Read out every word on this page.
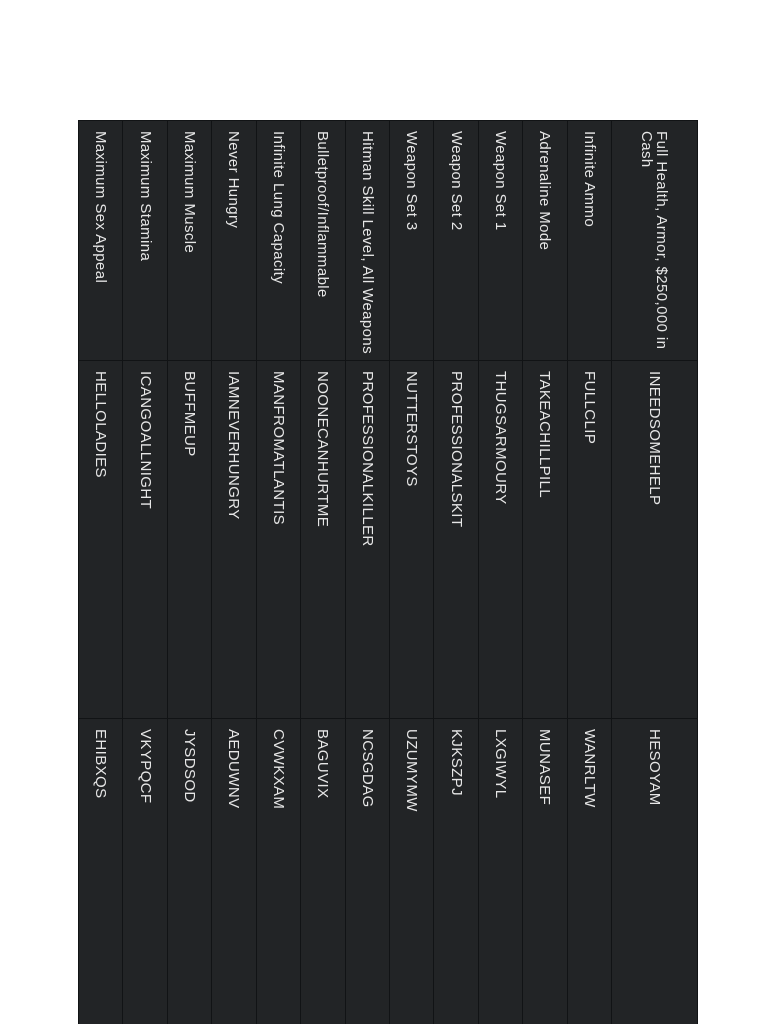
Full Health, Armor, $250,000 in Cash	INEEDSOMEHELP	HESOYAM
Infinite Ammo	FULLCLIP	WANRLTW
Adrenaline Mode	TAKEACHILLPILL	MUNASEF
Weapon Set 1	THUGSARMOURY	LXGIWYL
Weapon Set 2	PROFESSIONALSKIT	KJKSZPJ
Weapon Set 3	NUTTERSTOYS	UZUMYMW
Hitman Skill Level, All Weapons	PROFESSIONALKILLER	NCSGDAG
Bulletproof/Inflammable	NOONECANHURTME	BAGUVIX
Infinite Lung Capacity	MANFROMATLANTIS	CVWKXAM
Never Hungry	IAMNEVERHUNGRY	AEDUWNV
Maximum Muscle	BUFFMEUP	JYSDSOD
Maximum Stamina	ICANGOALLNIGHT	VKYPQCF
Maximum Sex Appeal	HELLOLADIES	EHIBXQS
